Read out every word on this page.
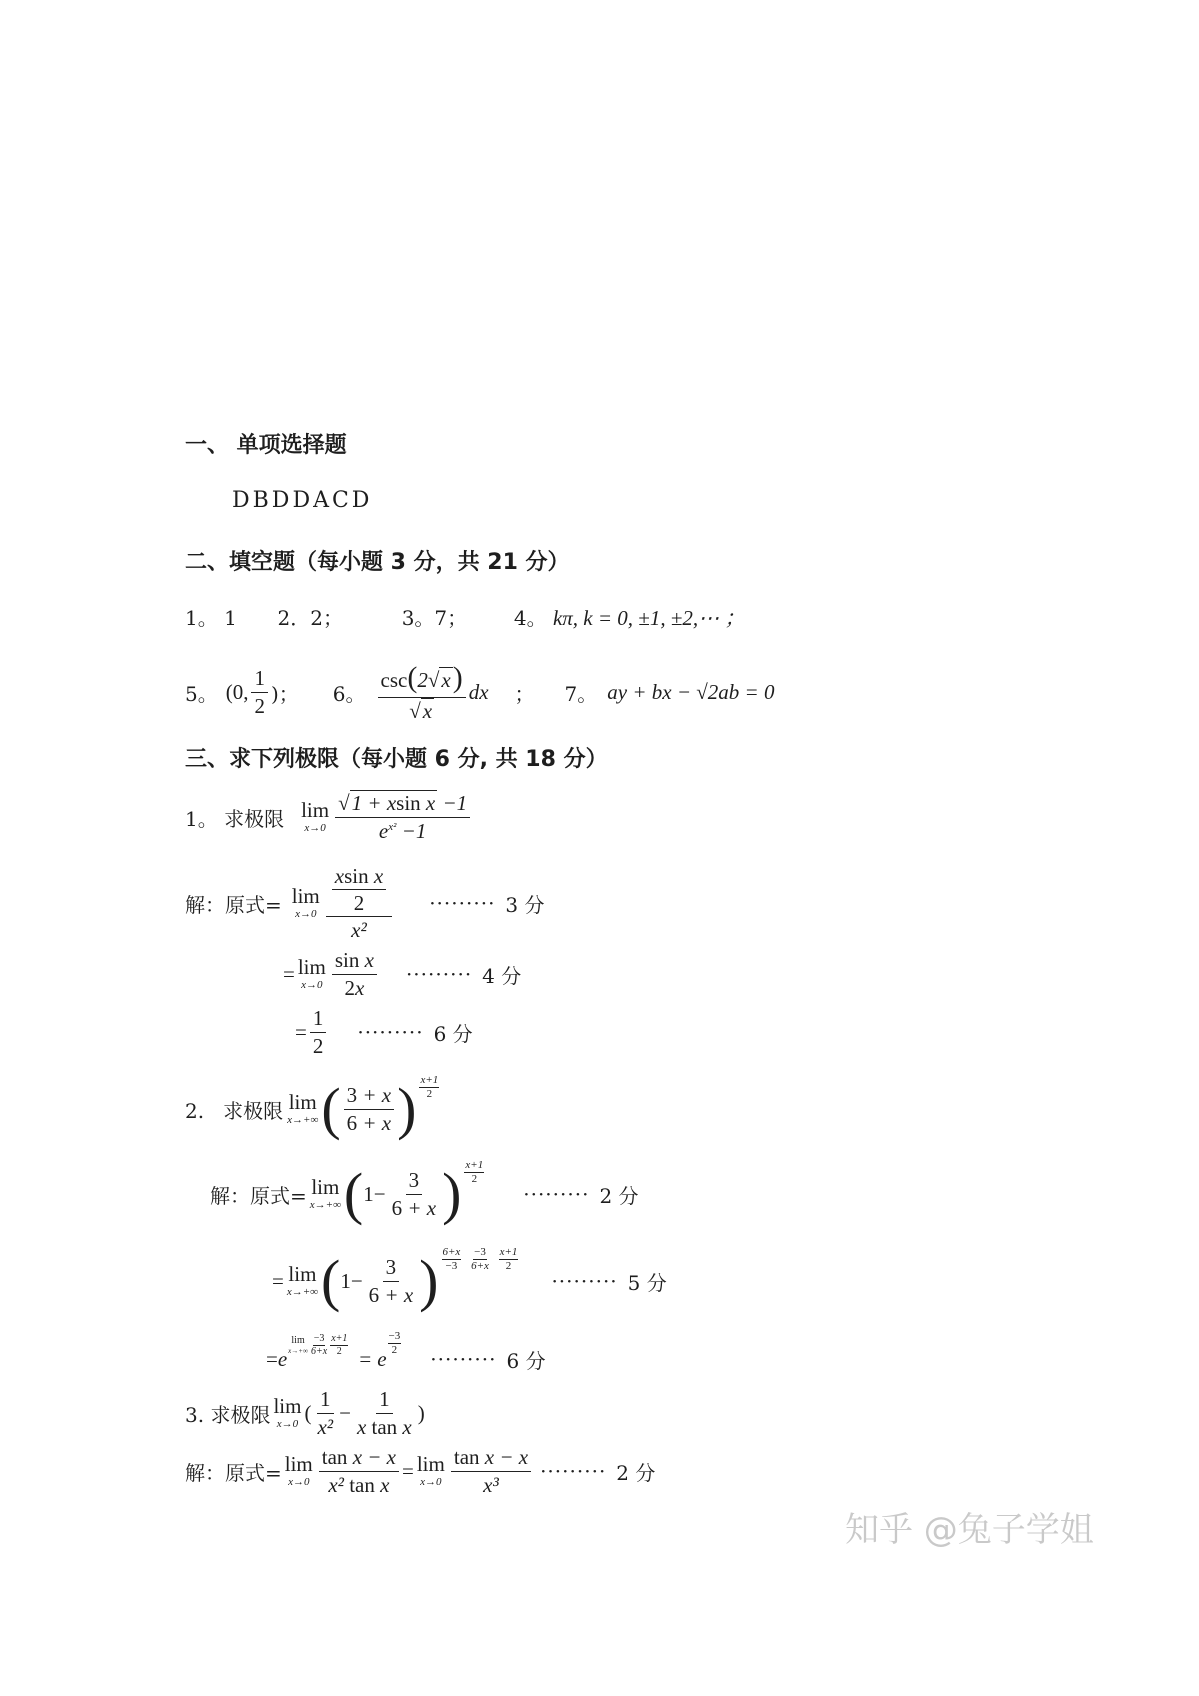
一、 单项选择题
DBDDACD
二、填空题（每小题 3 分，共 21 分）
1。 1 2．2；	3。7； 4。 kπ, k = 0, ±1, ±2,⋯ ；
5。 (0, $\frac{1}{2}$ )； 6。 $\frac{\csc(2√x)}{√x}$ dx ； 7。 ay + bx − √2ab = 0
三、求下列极限（每小题 6 分, 共 18 分）
1。 求极限 lim
$x\to 0 \frac{\text{√1 + xsin x −1}}{e^{x^2} -1}$
解：原式= lim
$x\to 0 \frac{\frac{\text{xsin x}}{2}}{\text{x²}}$ ········· 3 分
= lim
$x\to 0 \frac{\text{sin x}}{2x}$ ········· 4 分
= $\frac{1}{2}$ ········· 6 分
2.   求极限 lim
x→+∞ ( $\frac{3 + x}{6 + x}$ ) $\frac{x+1}{2}$
解：原式= lim
x→+∞ ( $1- \frac{3}{6 + x}$ ) $\frac{x+1}{2}$
········· 2 分
= lim
x→+∞ ( $1- \frac{3}{6 + x}$ ) $\frac{6+x}{-3}$
$\frac{-3}{6+x}$
$\frac{x+1}{2}$
········· 5 分
= e
lim
$x\to+\infty \frac{-3}{6+x} \frac{x+1}{2}$
= e
$\frac{-3}{2}$
········· 6 分
3. 求极限 lim
x→0 ( $\frac{1}{\text{x²}} - \frac{1}{\text{x tan x}}$ )
解：原式= lim
$x\to 0 \frac{\text{tan x − x}}{\text{x² tan x}} = \lim$
$x\to 0 \frac{\text{tan x − x}}{\text{x³}}$ ········· 2 分
知乎 @兔子学姐
